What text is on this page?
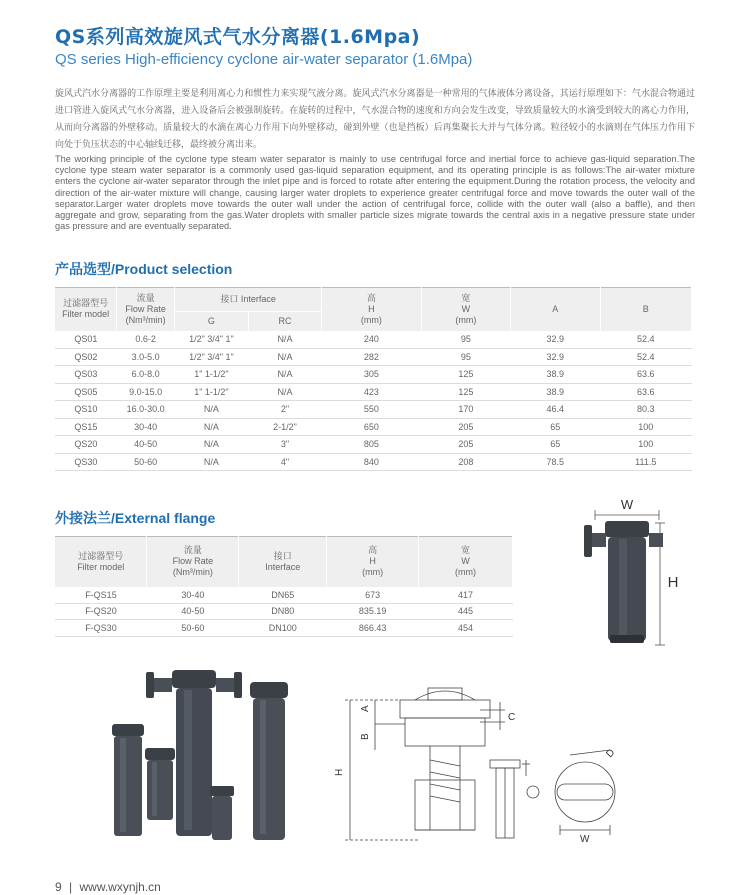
QS系列高效旋风式气水分离器(1.6Mpa)
QS series High-efficiency cyclone air-water separator (1.6Mpa)

旋风式汽水分离器的工作原理主要是利用离心力和惯性力来实现气液分离。旋风式汽水分离器是一种常用的气体液体分离设备，其运行原理如下：气水混合物通过进口管进入旋风式气水分离器，进入设备后会被强制旋转。在旋转的过程中，气水混合物的速度和方向会发生改变，导致质量较大的水滴受到较大的离心力作用，从而向分离器的外壁移动。质量较大的水滴在离心力作用下向外壁移动，碰到外壁（也是挡板）后再集聚长大并与气体分离。粒径较小的水滴则在气体压力作用下向处于负压状态的中心轴线迁移，最终被分离出来。

The working principle of the cyclone type steam water separator is mainly to use centrifugal force and inertial force to achieve gas-liquid separation.The cyclone type steam water separator is a commonly used gas-liquid separation equipment, and its operating principle is as follows:The air-water mixture enters the cyclone air-water separator through the inlet pipe and is forced to rotate after entering the equipment.During the rotation process, the velocity and direction of the air-water mixture will change, causing larger water droplets to experience greater centrifugal force and move towards the outer wall of the separator.Larger water droplets move towards the outer wall under the action of centrifugal force, collide with the outer wall (also a baffle), and then aggregate and grow, separating from the gas.Water droplets with smaller particle sizes migrate towards the central axis in a negative pressure state under gas pressure and are eventually separated.

产品选型/Product selection
过滤器型号
Filter model	流量
Flow Rate
(Nm³/min)	接口 Interface		高
H
(mm)	宽
W
(mm)	A	B
		G	RC				
QS01	0.6-2	1/2" 3/4" 1"	N/A	240	95	32.9	52.4
QS02	3.0-5.0	1/2" 3/4" 1"	N/A	282	95	32.9	52.4
QS03	6.0-8.0	1" 1-1/2"	N/A	305	125	38.9	63.6
QS05	9.0-15.0	1" 1-1/2"	N/A	423	125	38.9	63.6
QS10	16.0-30.0	N/A	2"	550	170	46.4	80.3
QS15	30-40	N/A	2-1/2"	650	205	65	100
QS20	40-50	N/A	3"	805	205	65	100
QS30	50-60	N/A	4"	840	208	78.5	111.5
外接法兰/External flange
过滤器型号
Filter model	流量
Flow Rate
(Nm³/min)	接口
Interface	高
H
(mm)	宽
W
(mm)
F-QS15	30-40	DN65	673	417
F-QS20	40-50	DN80	835.19	445
F-QS30	50-60	DN100	866.43	454
W
H
H
A
B
C
D
W
9 | www.wxynjh.cn
